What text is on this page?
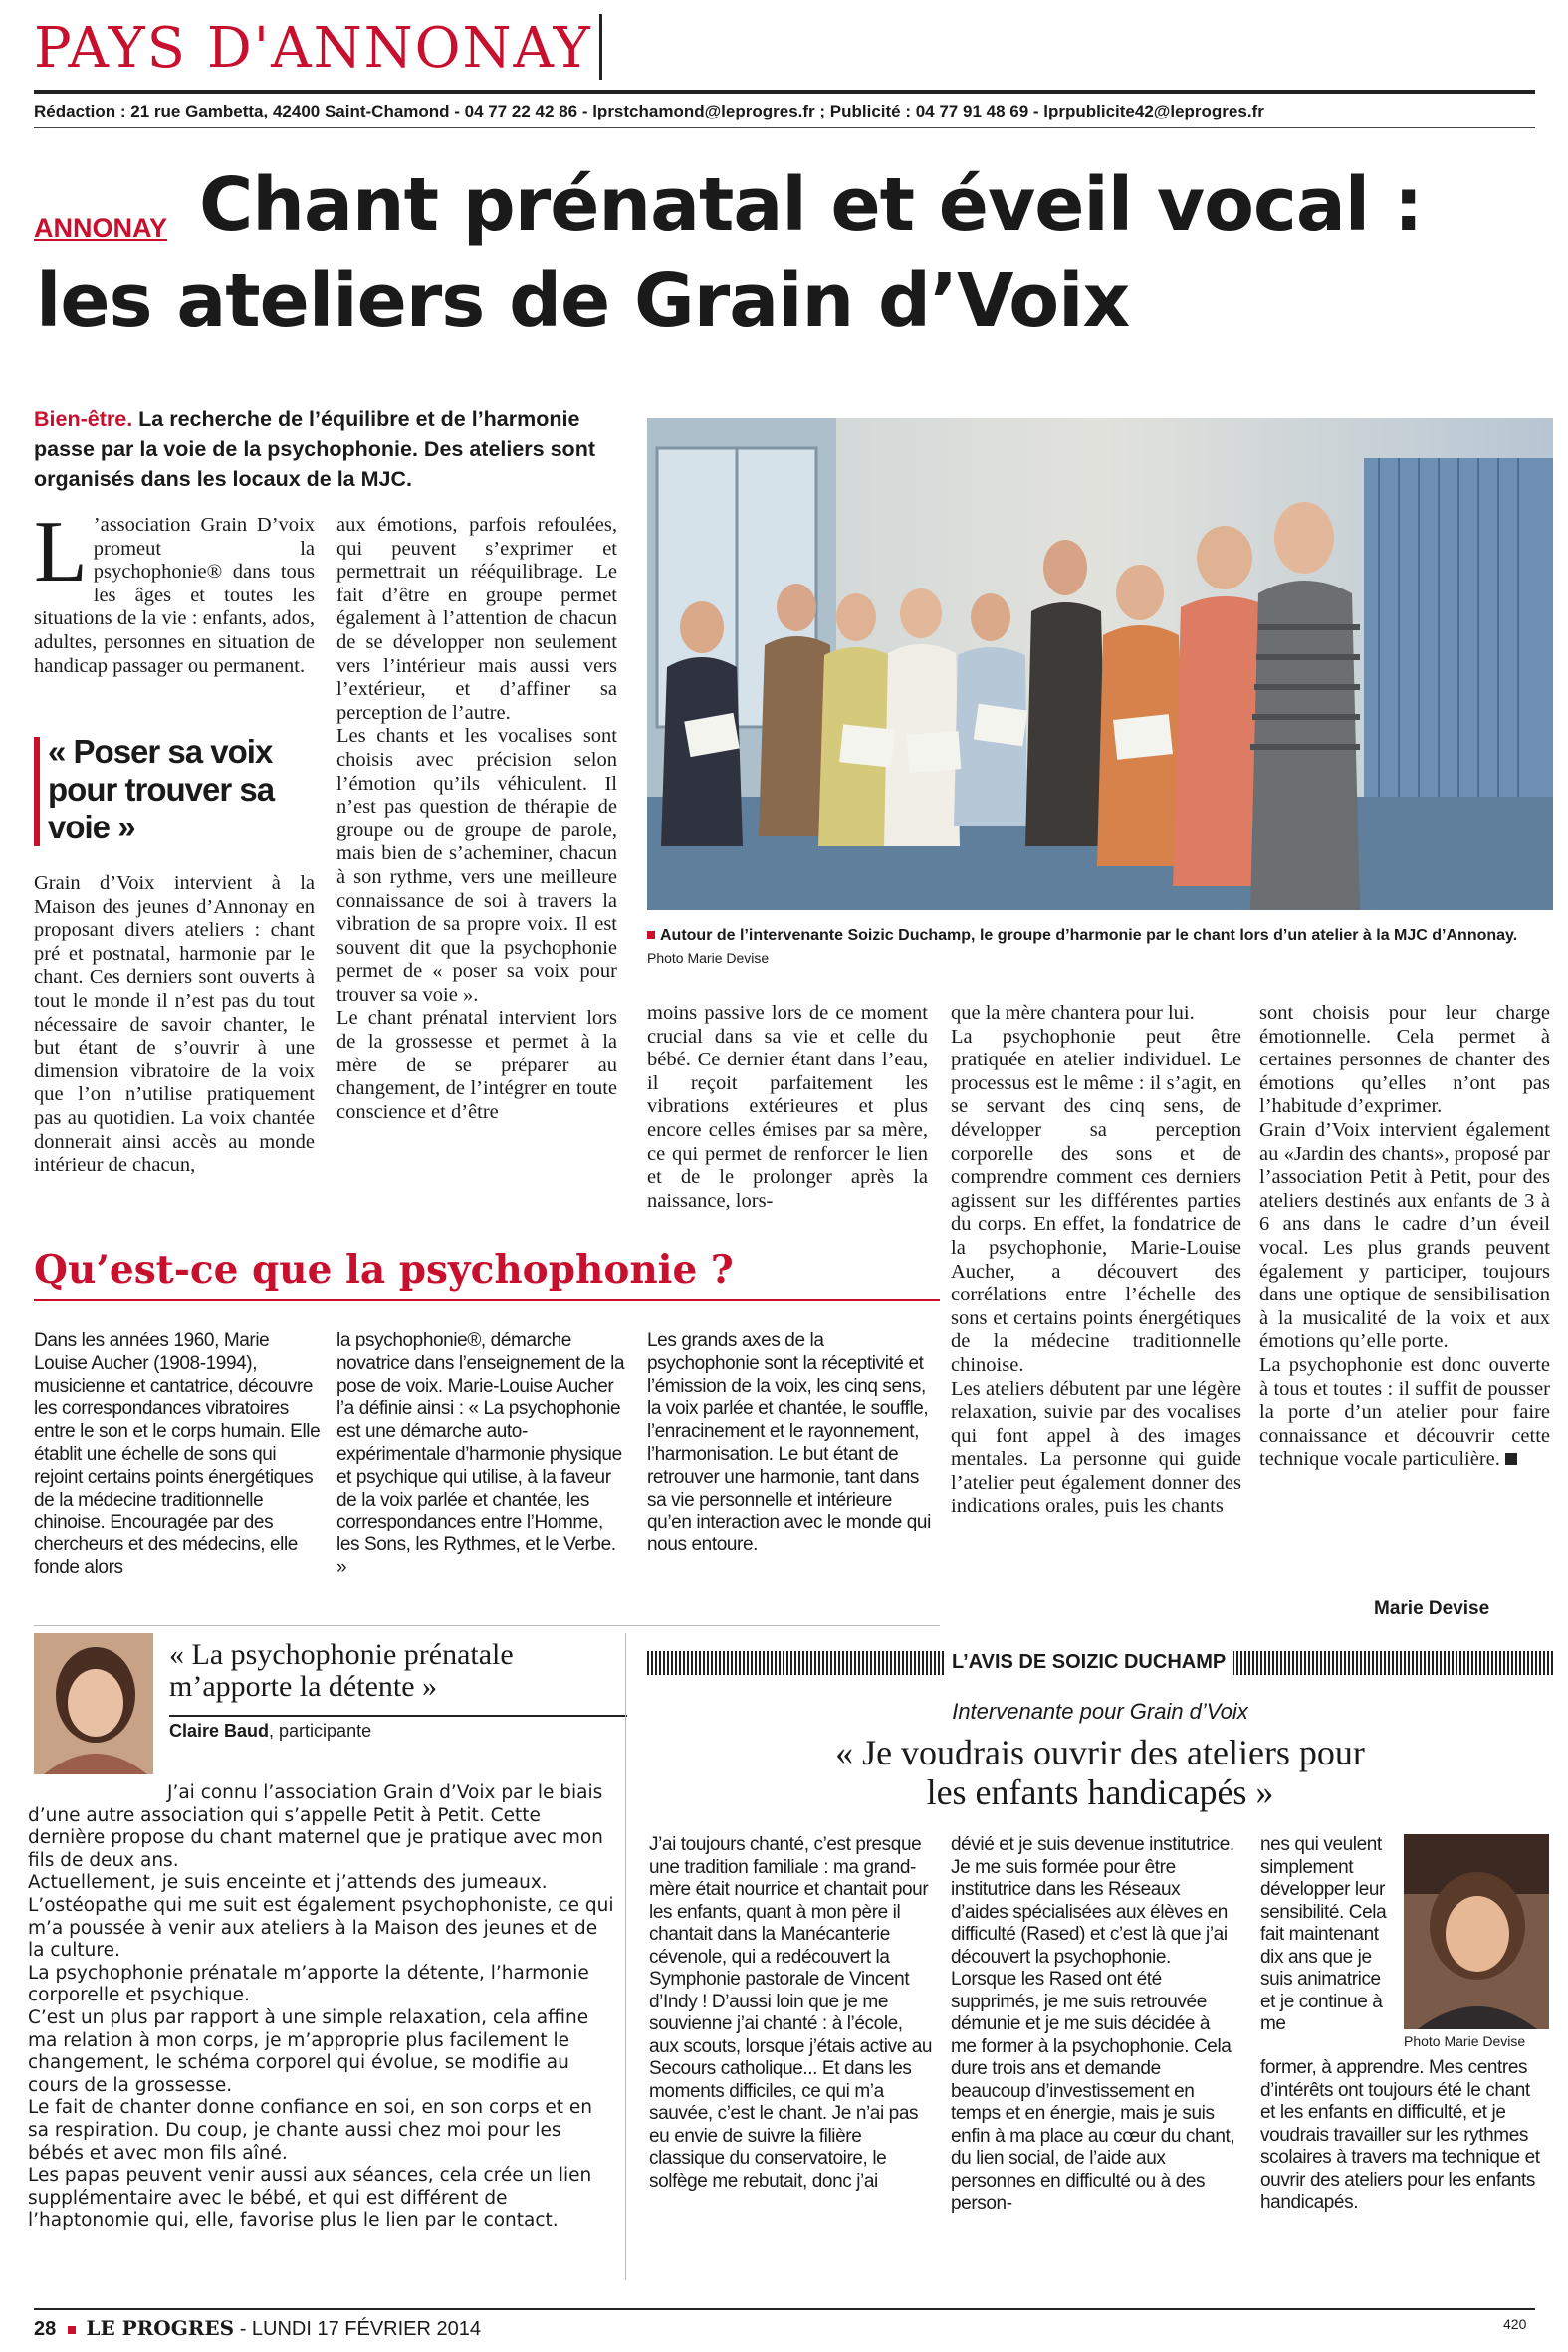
PAYS D'ANNONAY
Rédaction : 21 rue Gambetta, 42400 Saint-Chamond - 04 77 22 42 86 - lprstchamond@leprogres.fr ; Publicité : 04 77 91 48 69 - lprpublicite42@leprogres.fr
ANNONAY Chant prénatal et éveil vocal :
les ateliers de Grain d’Voix
Bien-être. La recherche de l’équilibre et de l’harmonie passe par la voie de la psychophonie. Des ateliers sont organisés dans les locaux de la MJC.
L ’association Grain D’voix promeut la psychophonie® dans tous les âges et toutes les situations de la vie : enfants, ados, adultes, personnes en situation de handicap passager ou permanent.
« Poser sa voix pour trouver sa voie »

Grain d’Voix intervient à la Maison des jeunes d’Annonay en proposant divers ateliers : chant pré et postnatal, harmonie par le chant. Ces derniers sont ouverts à tout le monde il n’est pas du tout nécessaire de savoir chanter, le but étant de s’ouvrir à une dimension vibratoire de la voix que l’on n’utilise pratiquement pas au quotidien. La voix chantée donnerait ainsi accès au monde intérieur de chacun,

aux émotions, parfois refoulées, qui peuvent s’exprimer et permettrait un rééquilibrage. Le fait d’être en groupe permet également à l’attention de chacun de se développer non seulement vers l’intérieur mais aussi vers l’extérieur, et d’affiner sa perception de l’autre.

Les chants et les vocalises sont choisis avec précision selon l’émotion qu’ils véhiculent. Il n’est pas question de thérapie de groupe ou de groupe de parole, mais bien de s’acheminer, chacun à son rythme, vers une meilleure connaissance de soi à travers la vibration de sa propre voix. Il est souvent dit que la psychophonie permet de « poser sa voix pour trouver sa voie ».

Le chant prénatal intervient lors de la grossesse et permet à la mère de se préparer au changement, de l’intégrer en toute conscience et d’être

Autour de l’intervenante Soizic Duchamp, le groupe d’harmonie par le chant lors d’un atelier à la MJC d’Annonay.
Photo Marie Devise

moins passive lors de ce moment crucial dans sa vie et celle du bébé. Ce dernier étant dans l’eau, il reçoit parfaitement les vibrations extérieures et plus encore celles émises par sa mère, ce qui permet de renforcer le lien et de le prolonger après la naissance, lors-

que la mère chantera pour lui.

La psychophonie peut être pratiquée en atelier individuel. Le processus est le même : il s’agit, en se servant des cinq sens, de développer sa perception corporelle des sons et de comprendre comment ces derniers agissent sur les différentes parties du corps. En effet, la fondatrice de la psychophonie, Marie-Louise Aucher, a découvert des corrélations entre l’échelle des sons et certains points énergétiques de la médecine traditionnelle chinoise.

Les ateliers débutent par une légère relaxation, suivie par des vocalises qui font appel à des images mentales. La personne qui guide l’atelier peut également donner des indications orales, puis les chants

sont choisis pour leur charge émotionnelle. Cela permet à certaines personnes de chanter des émotions qu’elles n’ont pas l’habitude d’exprimer.

Grain d’Voix intervient également au «Jardin des chants», proposé par l’association Petit à Petit, pour des ateliers destinés aux enfants de 3 à 6 ans dans le cadre d’un éveil vocal. Les plus grands peuvent également y participer, toujours dans une optique de sensibilisation à la musicalité de la voix et aux émotions qu’elle porte.

La psychophonie est donc ouverte à tous et toutes : il suffit de pousser la porte d’un atelier pour faire connaissance et découvrir cette technique vocale particulière.

Marie Devise
Qu’est-ce que la psychophonie ?
Dans les années 1960, Marie Louise Aucher (1908-1994), musicienne et cantatrice, découvre les correspondances vibratoires entre le son et le corps humain. Elle établit une échelle de sons qui rejoint certains points énergétiques de la médecine traditionnelle chinoise. Encouragée par des chercheurs et des médecins, elle fonde alors
la psychophonie®, démarche novatrice dans l’enseignement de la pose de voix. Marie-Louise Aucher l’a définie ainsi : « La psychophonie est une démarche auto-expérimentale d’harmonie physique et psychique qui utilise, à la faveur de la voix parlée et chantée, les correspondances entre l’Homme, les Sons, les Rythmes, et le Verbe. »
Les grands axes de la psychophonie sont la réceptivité et l’émission de la voix, les cinq sens, la voix parlée et chantée, le souffle, l’enracinement et le rayonnement, l’harmonisation. Le but étant de retrouver une harmonie, tant dans sa vie personnelle et intérieure qu’en interaction avec le monde qui nous entoure.
« La psychophonie prénatale m’apporte la détente »
Claire Baud, participante

J’ai connu l’association Grain d’Voix par le biais d’une autre association qui s’appelle Petit à Petit. Cette dernière propose du chant maternel que je pratique avec mon fils de deux ans.

Actuellement, je suis enceinte et j’attends des jumeaux.

L’ostéopathe qui me suit est également psychophoniste, ce qui m’a poussée à venir aux ateliers à la Maison des jeunes et de la culture.

La psychophonie prénatale m’apporte la détente, l’harmonie corporelle et psychique.

C’est un plus par rapport à une simple relaxation, cela affine ma relation à mon corps, je m’approprie plus facilement le changement, le schéma corporel qui évolue, se modifie au cours de la grossesse.

Le fait de chanter donne confiance en soi, en son corps et en sa respiration. Du coup, je chante aussi chez moi pour les bébés et avec mon fils aîné.

Les papas peuvent venir aussi aux séances, cela crée un lien supplémentaire avec le bébé, et qui est différent de l’haptonomie qui, elle, favorise plus le lien par le contact.

L’AVIS DE SOIZIC DUCHAMP
Intervenante pour Grain d’Voix
« Je voudrais ouvrir des ateliers pour
les enfants handicapés »
J’ai toujours chanté, c’est presque une tradition familiale : ma grand-mère était nourrice et chantait pour les enfants, quant à mon père il chantait dans la Manécanterie cévenole, qui a redécouvert la Symphonie pastorale de Vincent d’Indy ! D’aussi loin que je me souvienne j’ai chanté : à l’école, aux scouts, lorsque j’étais active au Secours catholique... Et dans les moments difficiles, ce qui m’a sauvée, c’est le chant. Je n’ai pas eu envie de suivre la filière classique du conservatoire, le solfège me rebutait, donc j’ai
dévié et je suis devenue institutrice. Je me suis formée pour être institutrice dans les Réseaux d’aides spécialisées aux élèves en difficulté (Rased) et c’est là que j’ai découvert la psychophonie. Lorsque les Rased ont été supprimés, je me suis retrouvée démunie et je me suis décidée à me former à la psychophonie. Cela dure trois ans et demande beaucoup d’investissement en temps et en énergie, mais je suis enfin à ma place au cœur du chant, du lien social, de l’aide aux personnes en difficulté ou à des person-
nes qui veulent simplement développer leur sensibilité. Cela fait maintenant dix ans que je suis animatrice et je continue à me
former, à apprendre. Mes centres d’intérêts ont toujours été le chant et les enfants en difficulté, et je voudrais travailler sur les rythmes scolaires à travers ma technique et ouvrir des ateliers pour les enfants handicapés.
Photo Marie Devise
28 LE PROGRES - LUNDI 17 FÉVRIER 2014	420
